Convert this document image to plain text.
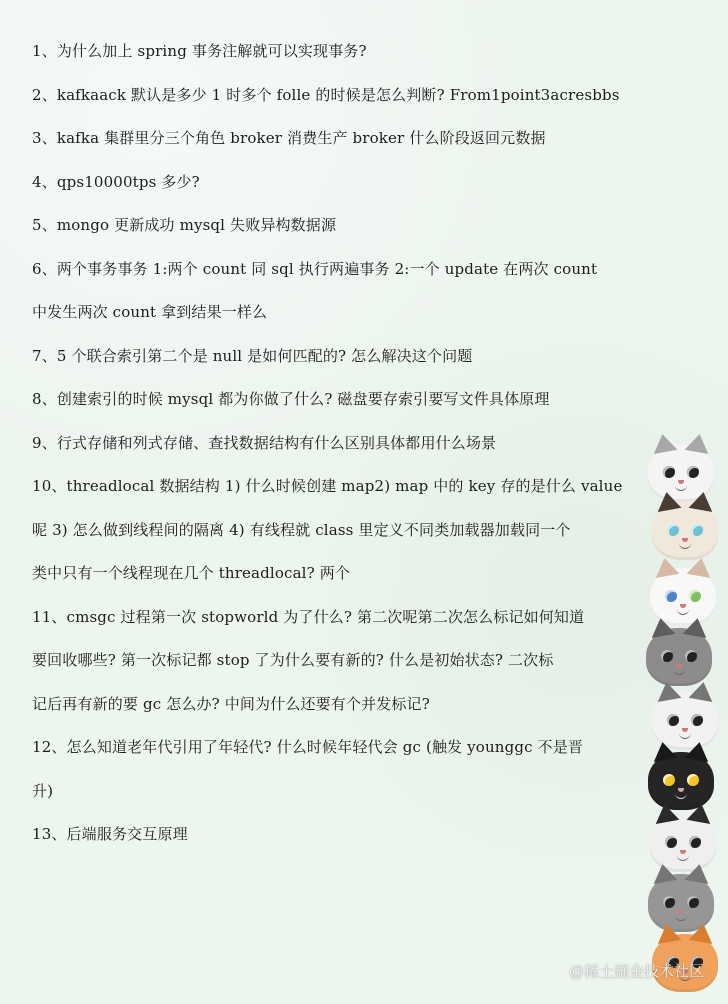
1、为什么加上 spring 事务注解就可以实现事务?
2、kafkaack 默认是多少 1 时多个 folle 的时候是怎么判断? From1point3acresbbs
3、kafka 集群里分三个角色 broker 消费生产 broker 什么阶段返回元数据
4、qps10000tps 多少?
5、mongo 更新成功 mysql 失败异构数据源
6、两个事务事务 1:两个 count 同 sql 执行两遍事务 2:一个 update 在两次 count
中发生两次 count 拿到结果一样么
7、5 个联合索引第二个是 null 是如何匹配的? 怎么解决这个问题
8、创建索引的时候 mysql 都为你做了什么? 磁盘要存索引要写文件具体原理
9、行式存储和列式存储、查找数据结构有什么区别具体都用什么场景
10、threadlocal 数据结构 1) 什么时候创建 map2) map 中的 key 存的是什么 value
呢 3) 怎么做到线程间的隔离 4) 有线程就 class 里定义不同类加载器加载同一个
类中只有一个线程现在几个 threadlocal? 两个
11、cmsgc 过程第一次 stopworld 为了什么? 第二次呢第二次怎么标记如何知道
要回收哪些? 第一次标记都 stop 了为什么要有新的? 什么是初始状态? 二次标
记后再有新的要 gc 怎么办? 中间为什么还要有个并发标记?
12、怎么知道老年代引用了年轻代? 什么时候年轻代会 gc (触发 younggc 不是晋
升)
13、后端服务交互原理
@稀土掘金技术社区
